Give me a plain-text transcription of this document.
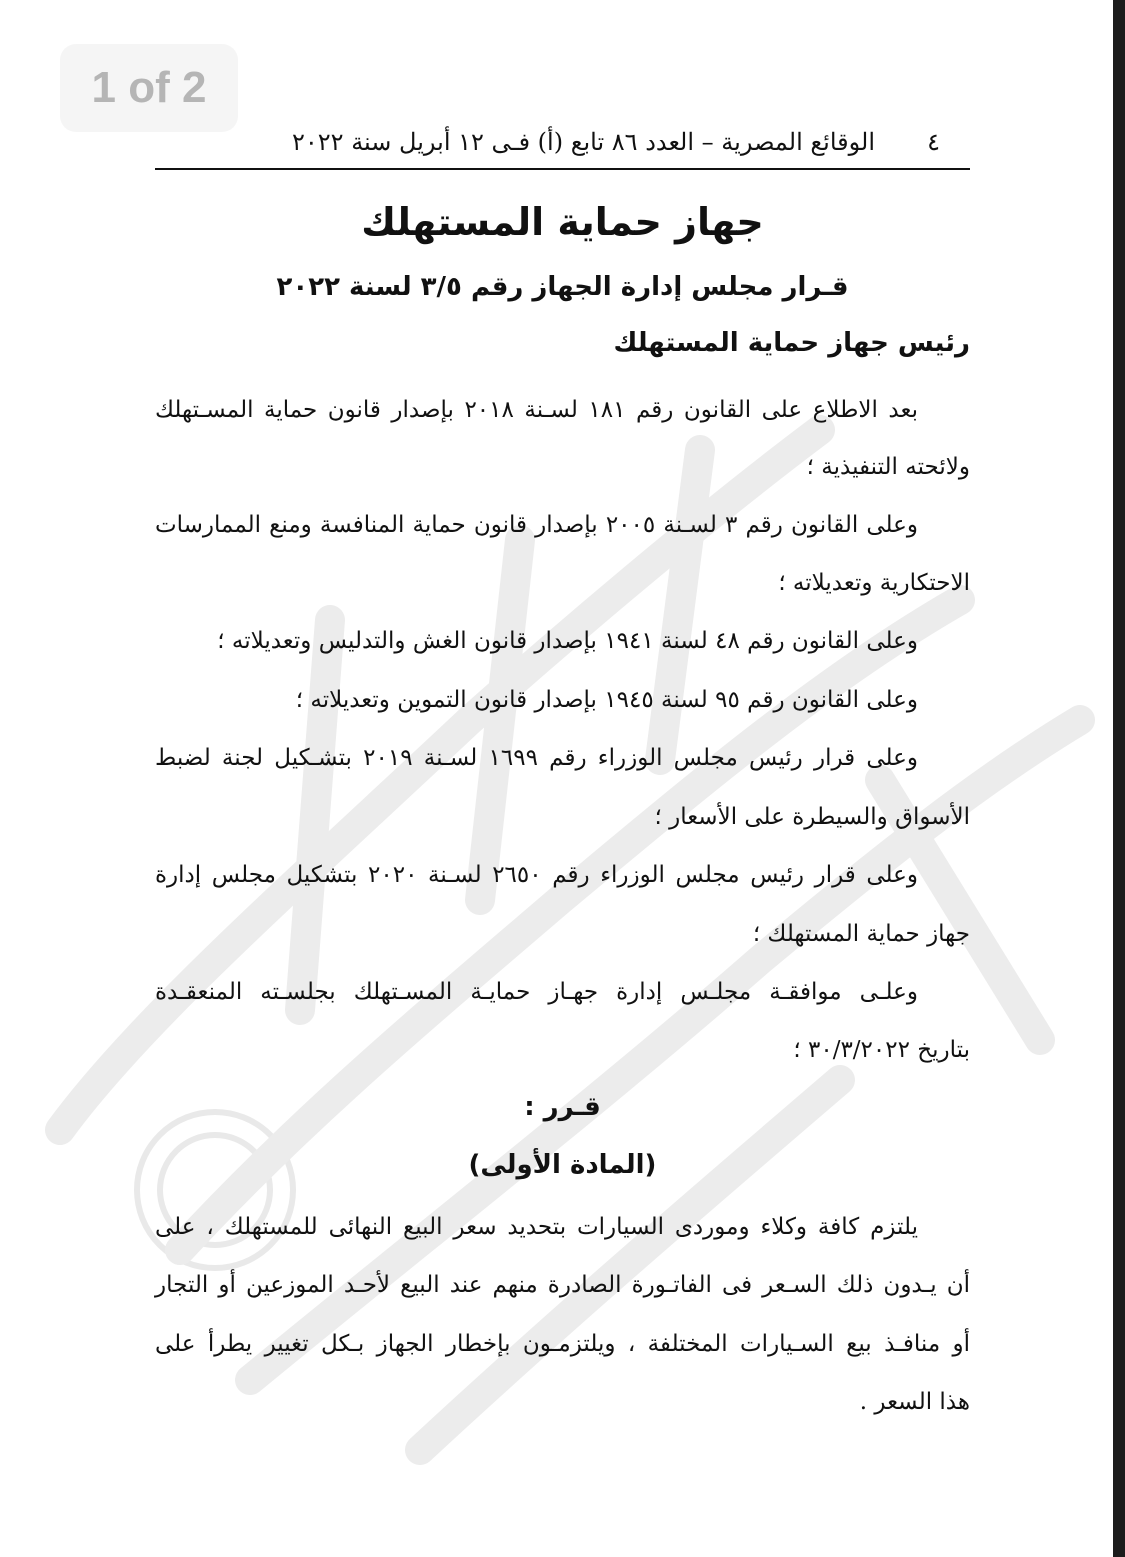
1 of 2
٤
الوقائع المصرية – العدد ٨٦ تابع (أ) فـى ١٢ أبريل سنة ٢٠٢٢
جهاز حماية المستهلك
قـرار مجلس إدارة الجهاز رقم ٣/٥ لسنة ٢٠٢٢
رئيس جهاز حماية المستهلك
بعد الاطلاع على القانون رقم ١٨١ لسـنة ٢٠١٨ بإصدار قانون حماية المسـتهلك
ولائحته التنفيذية ؛
وعلى القانون رقم ٣ لسـنة ٢٠٠٥ بإصدار قانون حماية المنافسة ومنع الممارسات
الاحتكارية وتعديلاته ؛
وعلى القانون رقم ٤٨ لسنة ١٩٤١ بإصدار قانون الغش والتدليس وتعديلاته ؛
وعلى القانون رقم ٩٥ لسنة ١٩٤٥ بإصدار قانون التموين وتعديلاته ؛
وعلى قرار رئيس مجلس الوزراء رقم ١٦٩٩ لسـنة ٢٠١٩ بتشـكيل لجنة لضبط
الأسواق والسيطرة على الأسعار ؛
وعلى قرار رئيس مجلس الوزراء رقم ٢٦٥٠ لسـنة ٢٠٢٠ بتشكيل مجلس إدارة
جهاز حماية المستهلك ؛
وعلـى موافقـة مجلـس إدارة جهـاز حمايـة المسـتهلك بجلسـته المنعقـدة
بتاريخ ٣٠/٣/٢٠٢٢ ؛
قـرر :
(المادة الأولى)
يلتزم كافة وكلاء وموردى السيارات بتحديد سعر البيع النهائى للمستهلك ، على
أن يـدون ذلك السـعر فى الفاتـورة الصادرة منهم عند البيع لأحـد الموزعين أو التجار
أو منافـذ بيع السـيارات المختلفة ، ويلتزمـون بإخطار الجهاز بـكل تغيير يطرأ على
هذا السعر .
